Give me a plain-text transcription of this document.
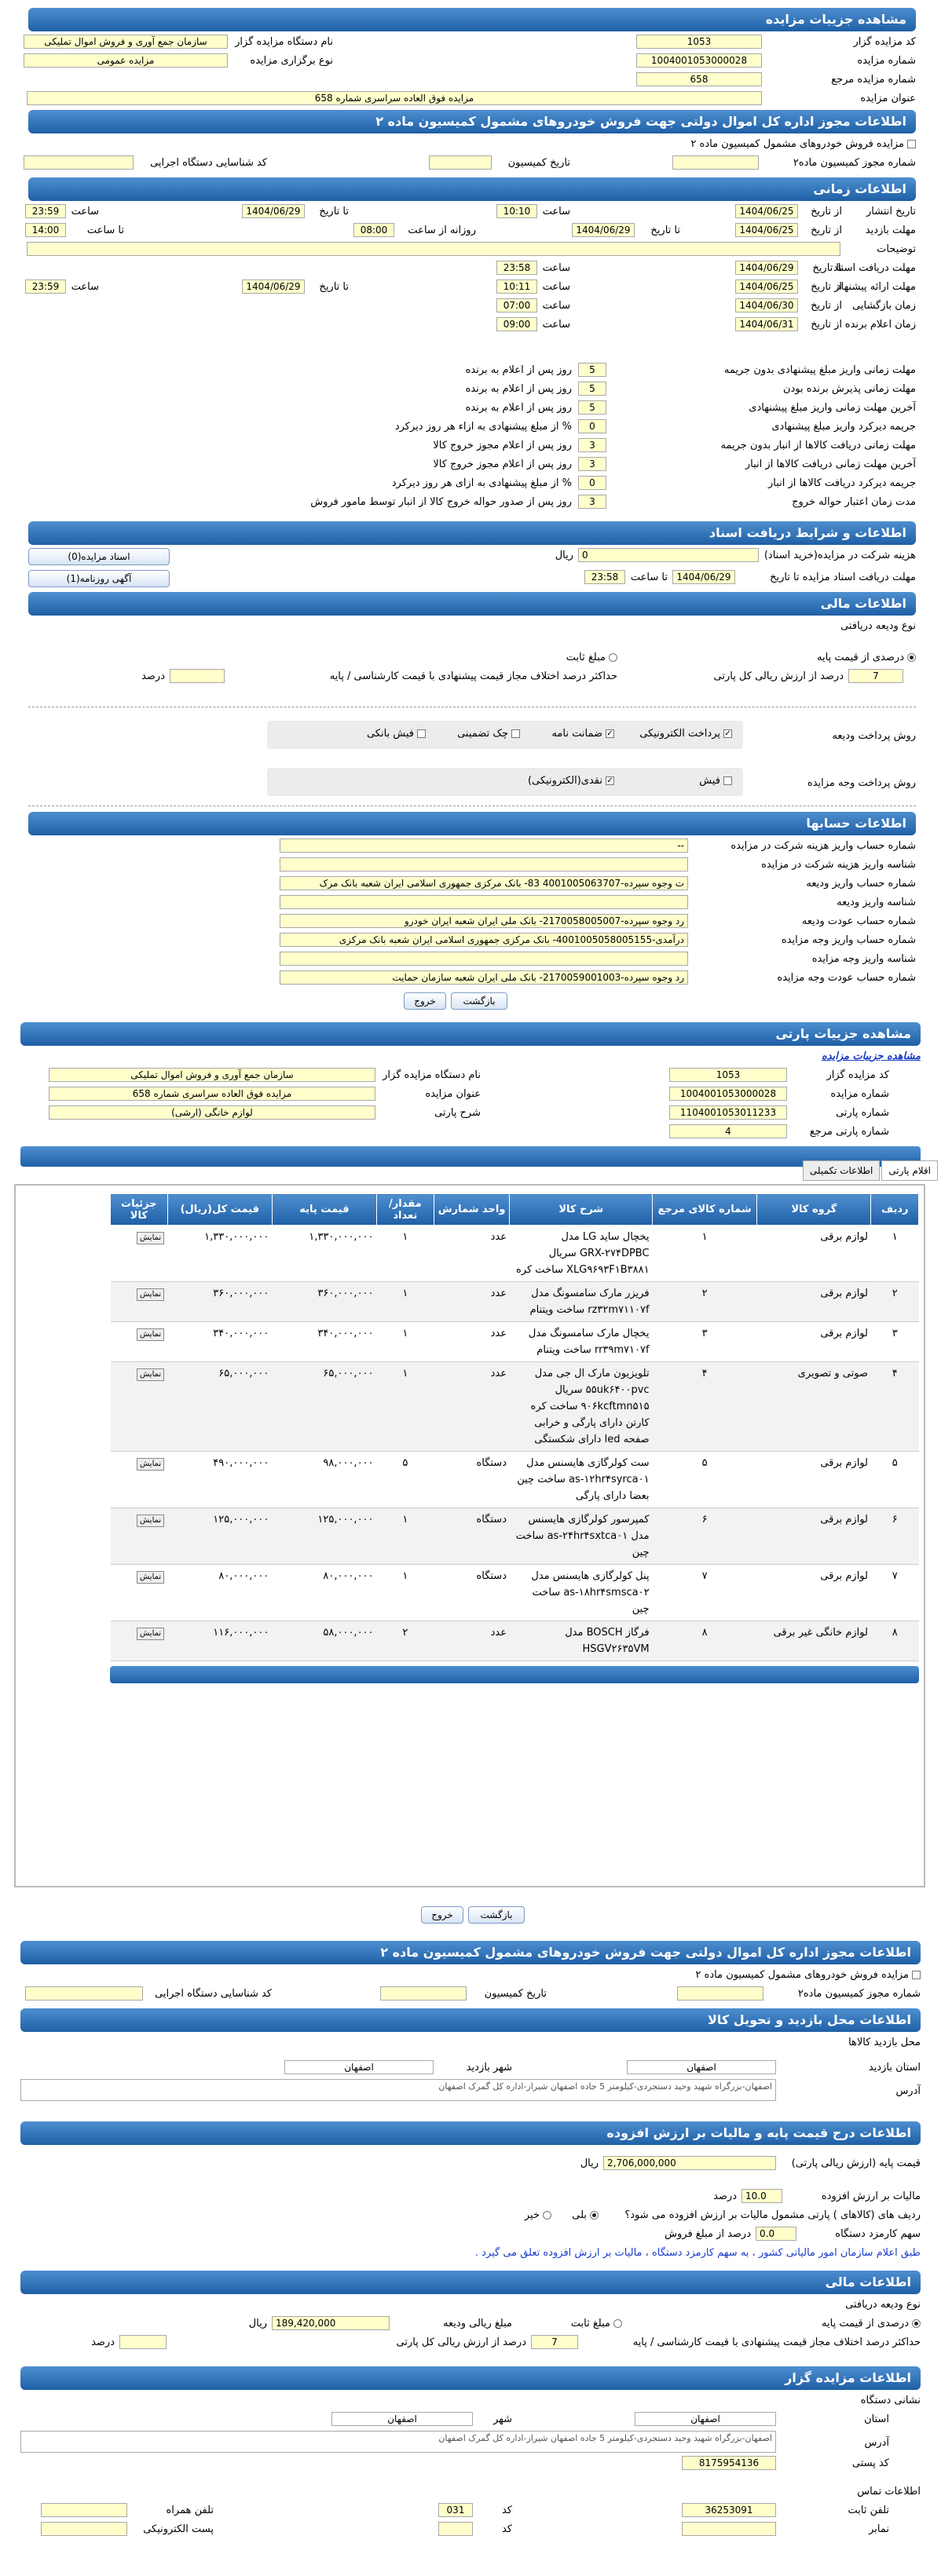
مشاهده جزییات مزایده
کد مزایده گزار
1053
نام دستگاه مزایده گزار
سازمان جمع آوری و فروش اموال تملیکی
شماره مزایده
1004001053000028
نوع برگزاری مزایده
مزایده عمومی
شماره مزایده مرجع
658
عنوان مزایده
مزایده فوق العاده سراسری شماره 658
اطلاعات مجوز اداره کل اموال دولتی جهت فروش خودروهای مشمول کمیسیون ماده ۲
مزایده فروش خودروهای مشمول کمیسیون ماده ۲
شماره مجوز کمیسیون ماده۲
تاریخ کمیسیون
کد شناسایی دستگاه اجرایی
اطلاعات زمانی
تاریخ انتشار
از تاریخ
1404/06/25
ساعت
10:10
تا تاریخ
1404/06/29
ساعت
23:59
مهلت بازدید
از تاریخ
1404/06/25
تا تاریخ
1404/06/29
روزانه از ساعت
08:00
تا ساعت
14:00
توضیحات
مهلت دریافت اسناد
تا تاریخ
1404/06/29
ساعت
23:58
مهلت ارائه پیشنهاد
از تاریخ
1404/06/25
ساعت
10:11
تا تاریخ
1404/06/29
ساعت
23:59
زمان بازگشایی
از تاریخ
1404/06/30
ساعت
07:00
زمان اعلام برنده
از تاریخ
1404/06/31
ساعت
09:00
مهلت زمانی واریز مبلغ پیشنهادی بدون جریمه
5
روز پس از اعلام به برنده
مهلت زمانی پذیرش برنده بودن
5
روز پس از اعلام به برنده
آخرین مهلت زمانی واریز مبلغ پیشنهادی
5
روز پس از اعلام به برنده
جریمه دیرکرد واریز مبلغ پیشنهادی
0
% از مبلغ پیشنهادی به ازاء هر روز دیرکرد
مهلت زمانی دریافت کالاها از انبار بدون جریمه
3
روز پس از اعلام مجوز خروج کالا
آخرین مهلت زمانی دریافت کالاها از انبار
3
روز پس از اعلام مجوز خروج کالا
جریمه دیرکرد دریافت کالاها از انبار
0
% از مبلغ پیشنهادی به ازای هر روز دیرکرد
مدت زمان اعتبار حواله خروج
3
روز پس از صدور حواله خروج کالا از انبار توسط مامور فروش
اطلاعات و شرایط دریافت اسناد
هزینه شرکت در مزایده(خرید اسناد)
0
ریال
اسناد مزایده(0)
مهلت دریافت اسناد مزایده تا تاریخ
1404/06/29
تا ساعت
23:58
آگهی روزنامه(1)
اطلاعات مالی
نوع ودیعه دریافتی
درصدی از قیمت پایه
مبلغ ثابت
7
درصد از ارزش ریالی کل پارتی
حداکثر درصد اختلاف مجاز قیمت پیشنهادی با قیمت کارشناسی / پایه
درصد
روش پرداخت ودیعه
✓پرداخت الکترونیکی
✓ضمانت نامه
چک تضمینی
فیش بانکی
روش پرداخت وجه مزایده
فیش
✓نقدی(الکترونیکی)
اطلاعات حسابها
شماره حساب واریز هزینه شرکت در مزایده
--
شناسه واریز هزینه شرکت در مزایده
شماره حساب واریز ودیعه
ت وجوه سپرده-4001005063707 83- بانک مرکزی جمهوری اسلامی ایران شعبه بانک مرک
شناسه واریز ودیعه
شماره حساب عودت ودیعه
رد وجوه سپرده-2170058005007- بانک ملی ایران شعبه ایران خودرو
شماره حساب واریز وجه مزایده
درآمدی-4001005058005155- بانک مرکزی جمهوری اسلامی ایران شعبه بانک مرکزی
شناسه واریز وجه مزایده
شماره حساب عودت وجه مزایده
رد وجوه سپرده-2170059001003- بانک ملی ایران شعبه سازمان حمایت
بازگشت
خروج
مشاهده جزییات پارتی
مشاهده جزییات مزایده
کد مزایده گزار
1053
نام دستگاه مزایده گزار
سازمان جمع آوری و فروش اموال تملیکی
شماره مزایده
1004001053000028
عنوان مزایده
مزایده فوق العاده سراسری شماره 658
شماره پارتی
1104001053011233
شرح پارتی
لوازم خانگی (ارشی)
شماره پارتی مرجع
4
اقلام پارتی
اطلاعات تکمیلی
ردیف	گروه کالا	شماره کالای مرجع	شرح کالا	واحد شمارش	مقدار/ تعداد	قیمت پایه	قیمت کل(ریال)	جزئیات کالا
۱	لوازم برقی	۱	یخچال ساید LG مدل GRX-۲۷۴DPBC سریال XLG۹۶۹۳F۱B۳۸۸۱ ساخت کره	عدد	۱	۱,۳۳۰,۰۰۰,۰۰۰	۱,۳۳۰,۰۰۰,۰۰۰	نمایش
۲	لوازم برقی	۲	فریزر مارک سامسونگ مدل rz۳۲m۷۱۱۰۷f ساخت ویتنام	عدد	۱	۳۶۰,۰۰۰,۰۰۰	۳۶۰,۰۰۰,۰۰۰	نمایش
۳	لوازم برقی	۳	یخچال مارک سامسونگ مدل rr۳۹m۷۱۰۷f ساخت ویتنام	عدد	۱	۳۴۰,۰۰۰,۰۰۰	۳۴۰,۰۰۰,۰۰۰	نمایش
۴	صوتی و تصویری	۴	تلویزیون مارک ال جی مدل ۵۵uk۶۴۰۰pvc سریال ۹۰۶kcftmn۵۱۵ ساخت کره کارتن دارای پارگی و خرابی صفحه led دارای شکستگی	عدد	۱	۶۵,۰۰۰,۰۰۰	۶۵,۰۰۰,۰۰۰	نمایش
۵	لوازم برقی	۵	ست کولرگازی هایسنس مدل as-۱۲hr۴syrca۰۱ ساخت چین بعضا دارای پارگی	دستگاه	۵	۹۸,۰۰۰,۰۰۰	۴۹۰,۰۰۰,۰۰۰	نمایش
۶	لوازم برقی	۶	کمپرسور کولرگازی هایسنس مدل as-۲۴hr۴sxtca۰۱ ساخت چین	دستگاه	۱	۱۲۵,۰۰۰,۰۰۰	۱۲۵,۰۰۰,۰۰۰	نمایش
۷	لوازم برقی	۷	پنل کولرگازی هایسنس مدل as-۱۸hr۴smsca۰۲ ساخت چین	دستگاه	۱	۸۰,۰۰۰,۰۰۰	۸۰,۰۰۰,۰۰۰	نمایش
۸	لوازم خانگی غیر برقی	۸	فرگاز BOSCH مدل HSGV۲۶۳۵VM	عدد	۲	۵۸,۰۰۰,۰۰۰	۱۱۶,۰۰۰,۰۰۰	نمایش
بازگشت
خروج
اطلاعات مجوز اداره کل اموال دولتی جهت فروش خودروهای مشمول کمیسیون ماده ۲
مزایده فروش خودروهای مشمول کمیسیون ماده ۲
شماره مجوز کمیسیون ماده۲
تاریخ کمیسیون
کد شناسایی دستگاه اجرایی
اطلاعات محل بازدید و تحویل کالا
محل بازدید کالاها
استان بازدید
اصفهان
شهر بازدید
اصفهان
آدرس
اصفهان-بزرگراه شهید وحید دستجردی-کیلومتر 5 جاده اصفهان شیراز-اداره کل گمرک اصفهان
اطلاعات درج قیمت پایه و مالیات بر ارزش افزوده
قیمت پایه (ارزش ریالی پارتی)
2,706,000,000
ریال
مالیات بر ارزش افزوده
10.0
درصد
ردیف های (کالاهای ) پارتی مشمول مالیات بر ارزش افزوده می شود؟
بلی
خیر
سهم کارمزد دستگاه
0.0
درصد از مبلغ فروش
طبق اعلام سازمان امور مالیاتی کشور ، به سهم کارمزد دستگاه ، مالیات بر ارزش افزوده تعلق می گیرد .
اطلاعات مالی
نوع ودیعه دریافتی
درصدی از قیمت پایه
مبلغ ثابت
مبلغ ریالی ودیعه
189,420,000
ریال
7
درصد از ارزش ریالی کل پارتی	حداکثر درصد اختلاف مجاز قیمت پیشنهادی با قیمت کارشناسی / پایه
درصد
اطلاعات مزایده گزار
نشانی دستگاه
استان
اصفهان
شهر
اصفهان
آدرس
اصفهان-بزرگراه شهید وحید دستجردی-کیلومتر 5 جاده اصفهان شیراز-اداره کل گمرک اصفهان
کد پستی
8175954136
اطلاعات تماس
تلفن ثابت
36253091
کد
031
تلفن همراه
نمابر
کد
پست الکترونیکی
